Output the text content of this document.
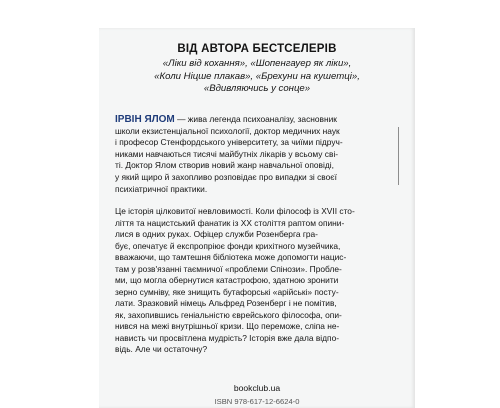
ВІД АВТОРА БЕСТСЕЛЕРІВ
«Ліки від кохання», «Шопенгауер як ліки»,
«Коли Ніцше плакав», «Брехуни на кушетці»,
«Вдивляючись у сонце»
ІРВІН ЯЛОМ — жива легенда психоаналізу, засновник
школи екзистенціальної психології, доктор медичних наук
і професор Стенфордського університету, за чиїми підруч-
никами навчаються тисячі майбутніх лікарів у всьому сві-
ті. Доктор Ялом створив новий жанр навчальної оповіді,
у який щиро й захопливо розповідає про випадки зі своєї
психіатричної практики.
Це історія цілковитої невловимості. Коли філософ із XVII сто-
ліття та нацистський фанатик із ХХ століття раптом опини-
лися в одних руках. Офіцер служби Розенберга гра-
бує, опечатує й експропріює фонди крихітного музейчика,
вважаючи, що тамтешня бібліотека може допомогти нацис-
там у розв'язанні таємничої «проблеми Спінози». Пробле-
ми, що могла обернутися катастрофою, здатною зронити
зерно сумніву, яке знищить бутафорські «арійські» посту-
лати. Зразковий німець Альфред Розенберг і не помітив,
як, захопившись геніальністю єврейського філософа, опи-
нився на межі внутрішньої кризи. Що переможе, сліпа не-
нависть чи просвітлена мудрість? Історія вже дала відпо-
відь. Але чи остаточну?
bookclub.ua
ISBN 978-617-12-6624-0
